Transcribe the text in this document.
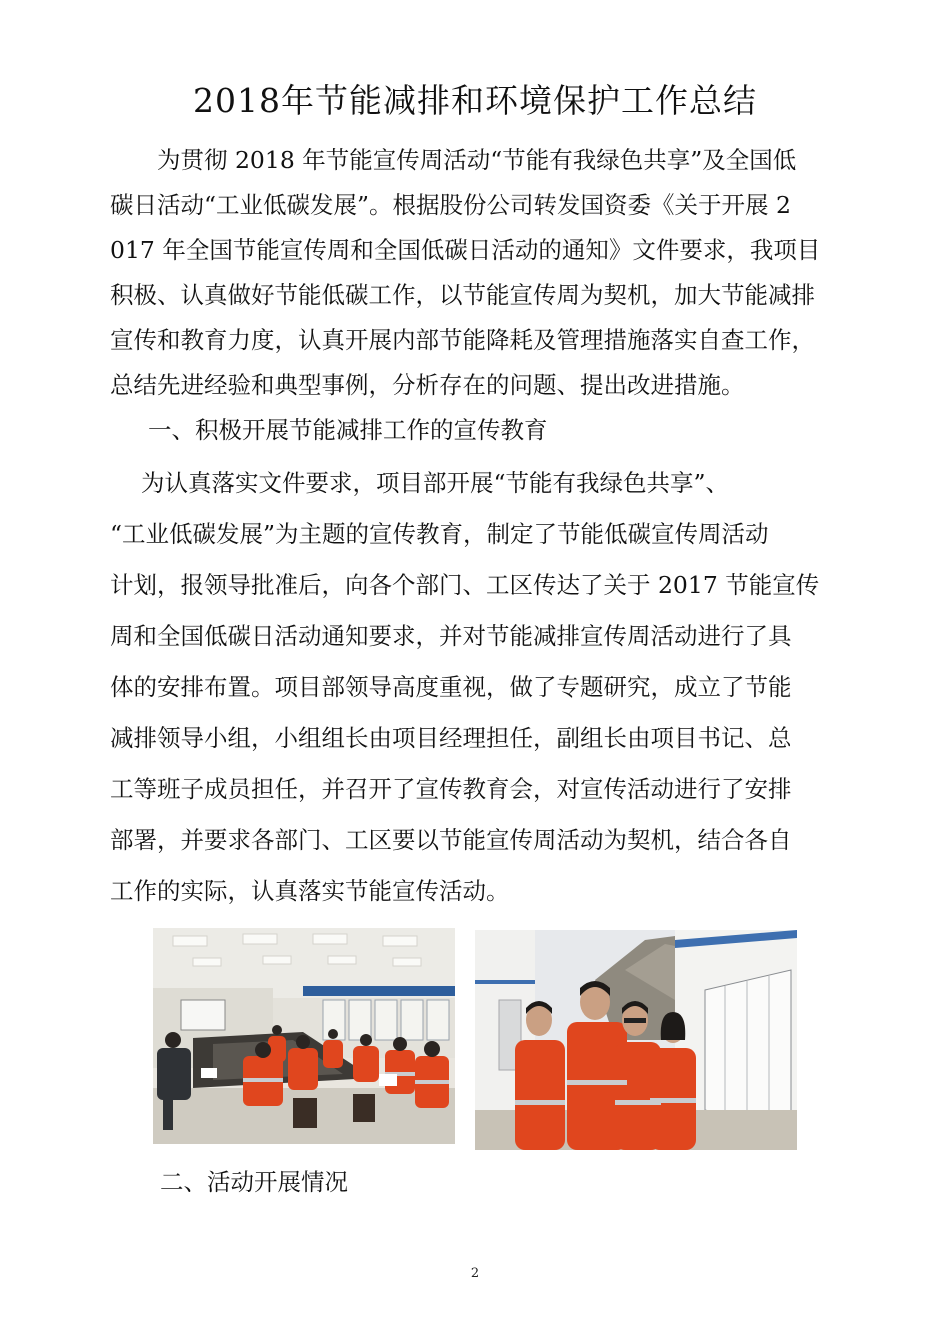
2018年节能减排和环境保护工作总结
　　为贯彻 2018 年节能宣传周活动“节能有我绿色共享”及全国低
碳日活动“工业低碳发展”。根据股份公司转发国资委《关于开展 2
017 年全国节能宣传周和全国低碳日活动的通知》文件要求，我项目
积极、认真做好节能低碳工作，以节能宣传周为契机，加大节能减排
宣传和教育力度，认真开展内部节能降耗及管理措施落实自查工作，
总结先进经验和典型事例，分析存在的问题、提出改进措施。
一、积极开展节能减排工作的宣传教育
　 为认真落实文件要求，项目部开展“节能有我绿色共享”、
“工业低碳发展”为主题的宣传教育，制定了节能低碳宣传周活动
计划，报领导批准后，向各个部门、工区传达了关于 2017 节能宣传
周和全国低碳日活动通知要求，并对节能减排宣传周活动进行了具
体的安排布置。项目部领导高度重视，做了专题研究，成立了节能
减排领导小组，小组组长由项目经理担任，副组长由项目书记、总
工等班子成员担任，并召开了宣传教育会，对宣传活动进行了安排
部署，并要求各部门、工区要以节能宣传周活动为契机，结合各自
工作的实际，认真落实节能宣传活动。
二、活动开展情况
2
